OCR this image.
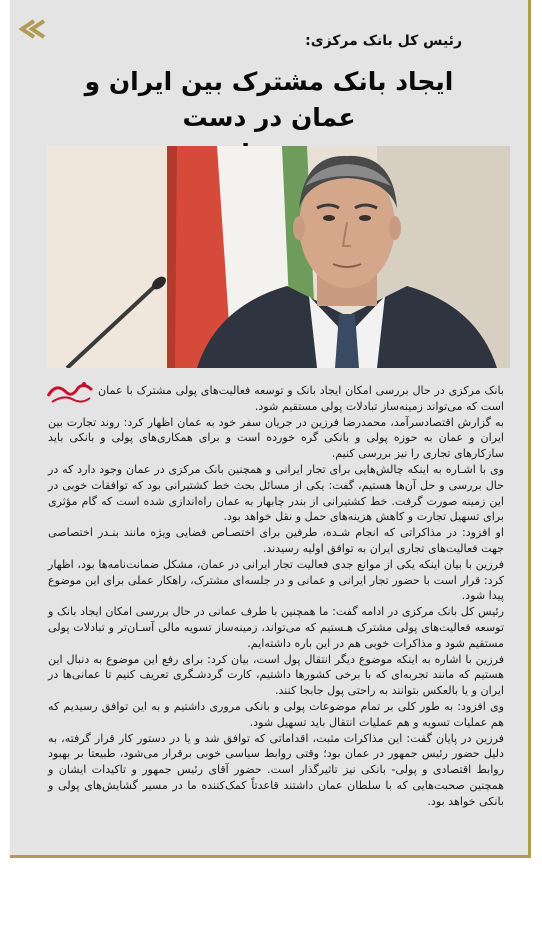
رئیس کل بانک مرکزی:
ایجاد بانک مشترک بین ایران و عمان در دست

بانک مرکزی در حال بررسی امکان ایجاد بانک و توسعه فعالیت‌های پولی مشترک با عمان است که می‌تواند زمینه‌ساز تبادلات پولی مستقیم شود.

به گزارش اقتصادسرآمد، محمدرضا فرزین در جریان سفر خود به عمان اظهار کرد: روند تجارت بین ایران و عمان به حوزه پولی و بانکی گره خورده است و برای همکاری‌های پولی و بانکی باید سازکارهای تجاری را نیز بررسی کنیم.

وی با اشـاره به اینکه چالش‌هایی برای تجار ایرانی و همچنین بانک مرکزی در عمان وجود دارد که در حال بررسی و حل آن‌ها هستیم، گفت: یکی از مسائل بحث خط کشتیرانی بود که توافقات خوبی در این زمینه صورت گرفت. خط کشتیرانی از بندر چابهار به عمان راه‌اندازی شده است که گام مؤثری برای تسهیل تجارت و کاهش هزینه‌های حمل و نقل خواهد بود.

او افزود: در مذاکراتی که انجام شـده، طرفین برای اختصـاص فضایی ویژه مانند بنـدر اختصاصی جهت فعالیت‌های تجاری ایران به توافق اولیه رسیدند.

فرزین با بیان اینکه یکی از موانع جدی فعالیت تجار ایرانی در عمان، مشکل ضمانت‌نامه‌ها بود، اظهار کرد: قرار است با حضور تجار ایرانی و عمانی و در جلسه‌ای مشترک، راهکار عملی برای این موضوع پیدا شود.

رئیس کل بانک مرکزی در ادامه گفت: ما همچنین با طرف عمانی در حال بررسی امکان ایجاد بانک و توسعه فعالیت‌های پولی مشترک هـستیم که می‌تواند، زمینه‌ساز تسویه مالی آسـان‌تر و تبادلات پولی مستقیم شود و مذاکرات خوبی هم در این باره داشته‌ایم.

فرزین با اشاره به اینکه موضوع دیگر انتقال پول است، بیان کرد: برای رفع این موضوع به دنبال این هستیم که مانند تجربه‌ای که با برخی کشورها داشتیم، کارت گردشـگری تعریف کنیم تا عمانی‌ها در ایران و یا بالعکس بتوانند به راحتی پول جابجا کنند.

وی افزود: به طور کلی بر تمام موضوعات پولی و بانکی مروری داشتیم و به این توافق رسیدیم که هم عملیات تسویه و هم عملیات انتقال باید تسهیل شود.

فرزین در پایان گفت: این مذاکرات مثبت، اقداماتی که توافق شد و یا در دستور کار قرار گرفته، به دلیل حضور رئیس جمهور در عمان بود؛ وقتی روابط سیاسی خوبی برقرار می‌شود، طبیعتا بر بهبود روابط اقتصادی و پولی- بانکی نیز تاثیرگذار است. حضور آقای رئیس جمهور و تاکیدات ایشان و همچنین صحبت‌هایی که با سلطان عمان داشتند قاعدتاً کمک‌کننده ما در مسیر گشایش‌های پولی و بانکی خواهد بود.
